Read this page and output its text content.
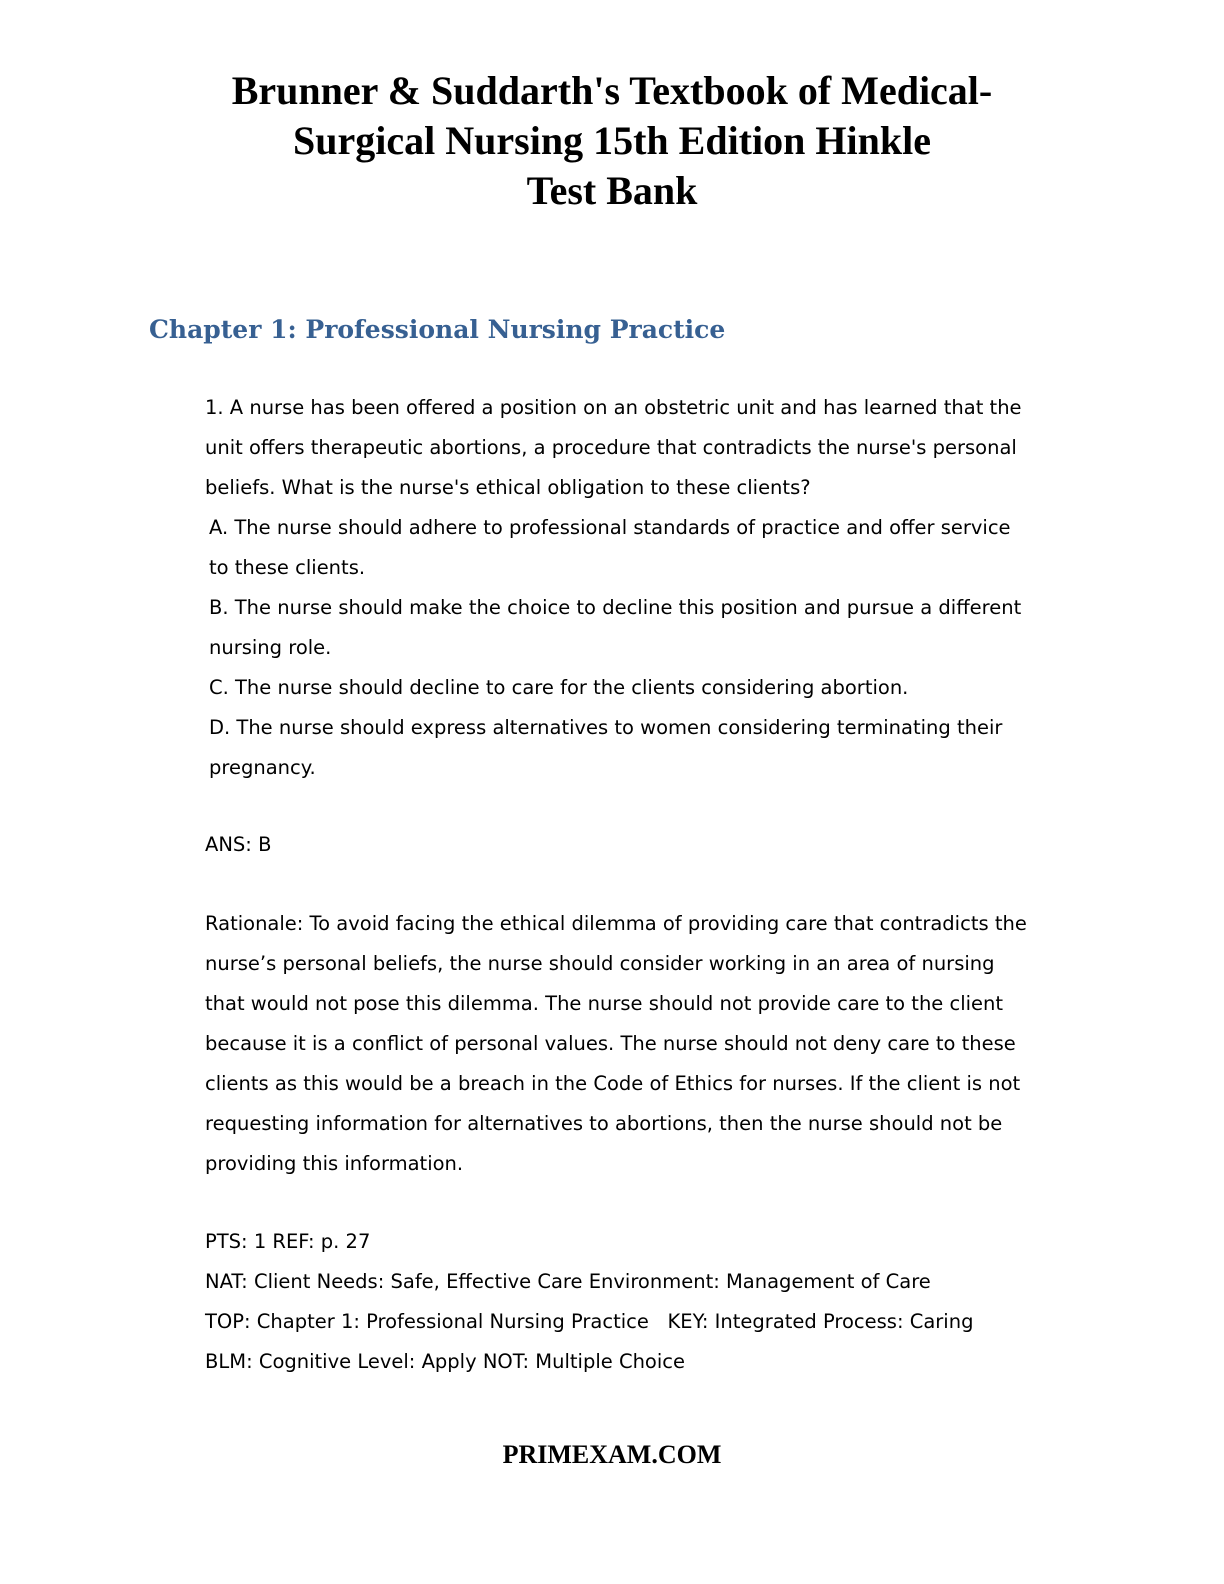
Brunner & Suddarth's Textbook of Medical-
Surgical Nursing 15th Edition Hinkle
Test Bank
Chapter 1: Professional Nursing Practice
1. A nurse has been offered a position on an obstetric unit and has learned that the
unit offers therapeutic abortions, a procedure that contradicts the nurse's personal
beliefs. What is the nurse's ethical obligation to these clients?
A. The nurse should adhere to professional standards of practice and offer service
to these clients.
B. The nurse should make the choice to decline this position and pursue a different
nursing role.
C. The nurse should decline to care for the clients considering abortion.
D. The nurse should express alternatives to women considering terminating their
pregnancy.
ANS: B
Rationale: To avoid facing the ethical dilemma of providing care that contradicts the
nurse’s personal beliefs, the nurse should consider working in an area of nursing
that would not pose this dilemma. The nurse should not provide care to the client
because it is a conflict of personal values. The nurse should not deny care to these
clients as this would be a breach in the Code of Ethics for nurses. If the client is not
requesting information for alternatives to abortions, then the nurse should not be
providing this information.
PTS: 1 REF: p. 27
NAT: Client Needs: Safe, Effective Care Environment: Management of Care
TOP: Chapter 1: Professional Nursing Practice   KEY: Integrated Process: Caring
BLM: Cognitive Level: Apply NOT: Multiple Choice
PRIMEXAM.COM
